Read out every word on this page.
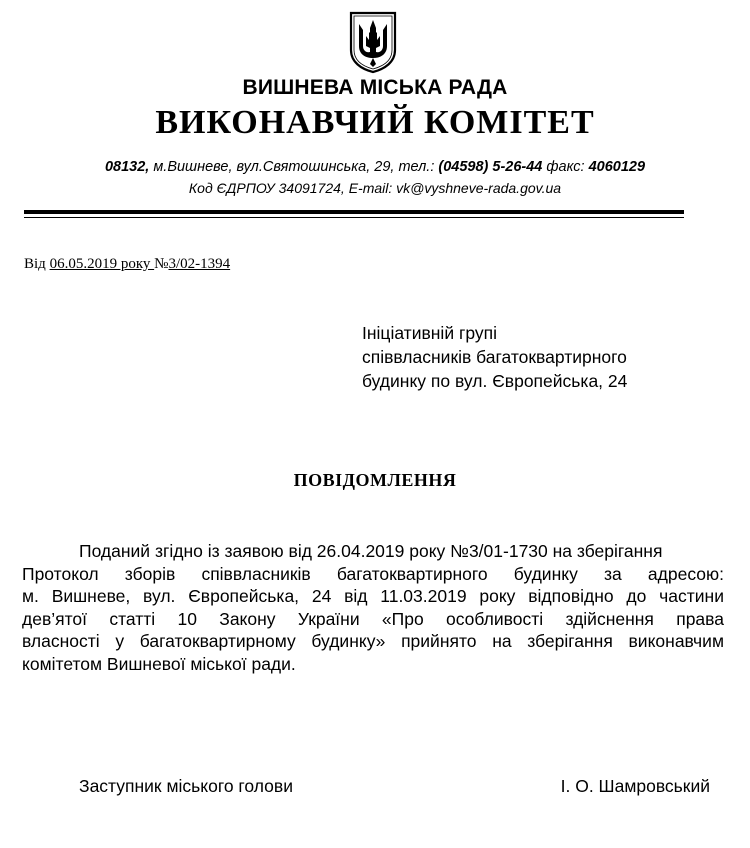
ВИШНЕВА МІСЬКА РАДА
ВИКОНАВЧИЙ КОМІТЕТ
08132, м.Вишневе, вул.Святошинська, 29, тел.: (04598) 5-26-44 факс: 4060129
Код ЄДРПОУ 34091724, E-mail: vk@vyshneve-rada.gov.ua
Від 06.05.2019 року №3/02-1394
Ініціативній групі
співвласників багатоквартирного
будинку по вул. Європейська, 24
ПОВІДОМЛЕННЯ
Поданий згідно із заявою від 26.04.2019 року №3/01-1730 на зберігання
Протокол зборів співвласників багатоквартирного будинку за адресою:
м. Вишневе, вул. Європейська, 24 від 11.03.2019 року відповідно до частини
дев’ятої статті 10 Закону України «Про особливості здійснення права
власності у багатоквартирному будинку» прийнято на зберігання виконавчим
комітетом Вишневої міської ради.
Заступник міського голови	І. О. Шамровський
